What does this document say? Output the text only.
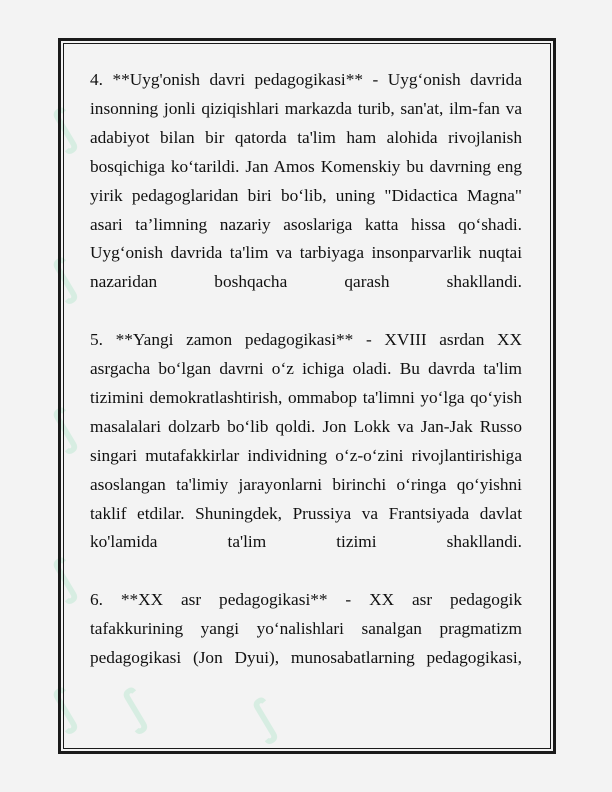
∫
∫
∫
∫
∫ ∫ ∫

4. **Uyg'onish davri pedagogikasi** - Uyg‘onish davrida insonning jonli qiziqishlari markazda turib, san'at, ilm-fan va adabiyot bilan bir qatorda ta'lim ham alohida rivojlanish bosqichiga ko‘tarildi. Jan Amos Komenskiy bu davrning eng yirik pedagoglaridan biri bo‘lib, uning "Didactica Magna" asari ta’limning nazariy asoslariga katta hissa qo‘shadi. Uyg‘onish davrida ta'lim va tarbiyaga insonparvarlik nuqtai nazaridan boshqacha qarash shakllandi.

5. **Yangi zamon pedagogikasi** - XVIII asrdan XX asrgacha bo‘lgan davrni o‘z ichiga oladi. Bu davrda ta'lim tizimini demokratlashtirish, ommabop ta'limni yo‘lga qo‘yish masalalari dolzarb bo‘lib qoldi. Jon Lokk va Jan-Jak Russo singari mutafakkirlar individning o‘z-o‘zini rivojlantirishiga asoslangan ta'limiy jarayonlarni birinchi o‘ringa qo‘yishni taklif etdilar. Shuningdek, Prussiya va Frantsiyada davlat ko'lamida ta'lim tizimi shakllandi.

6. **XX asr pedagogikasi** - XX asr pedagogik tafakkurining yangi yo‘nalishlari sanalgan pragmatizm pedagogikasi (Jon Dyui), munosabatlarning pedagogikasi,
